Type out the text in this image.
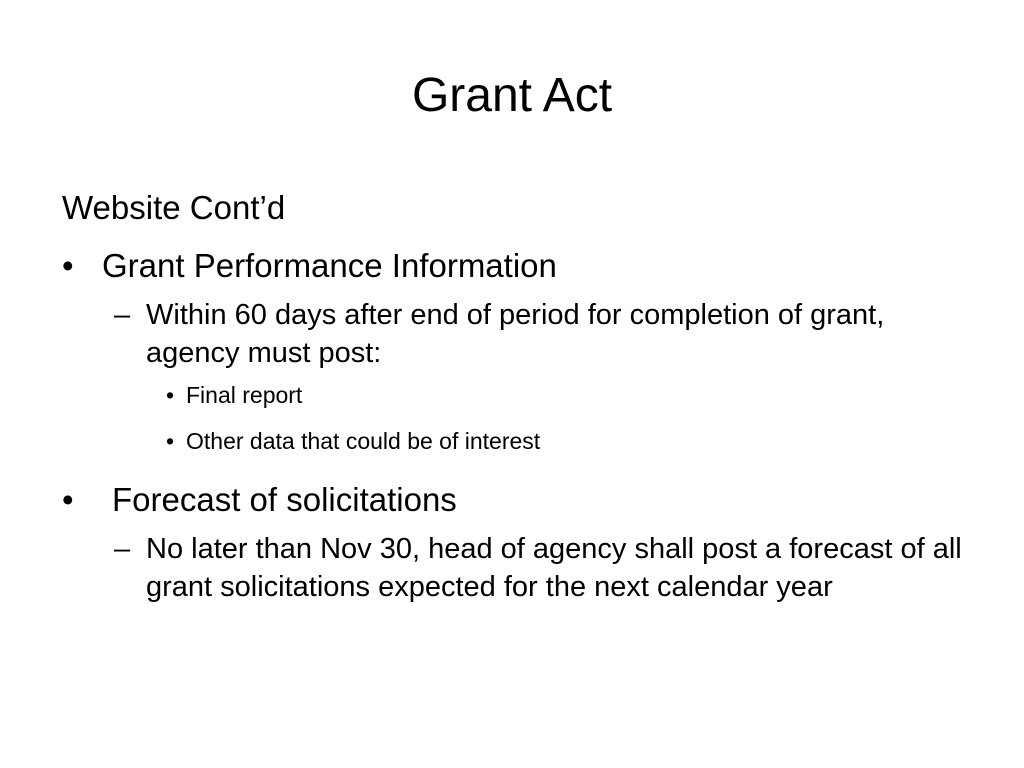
Grant Act
Website Cont’d
• Grant Performance Information
– Within 60 days after end of period for completion of grant, agency must post:
• Final report
• Other data that could be of interest
•	Forecast of solicitations
– No later than Nov 30, head of agency shall post a forecast of all grant solicitations expected for the next calendar year
